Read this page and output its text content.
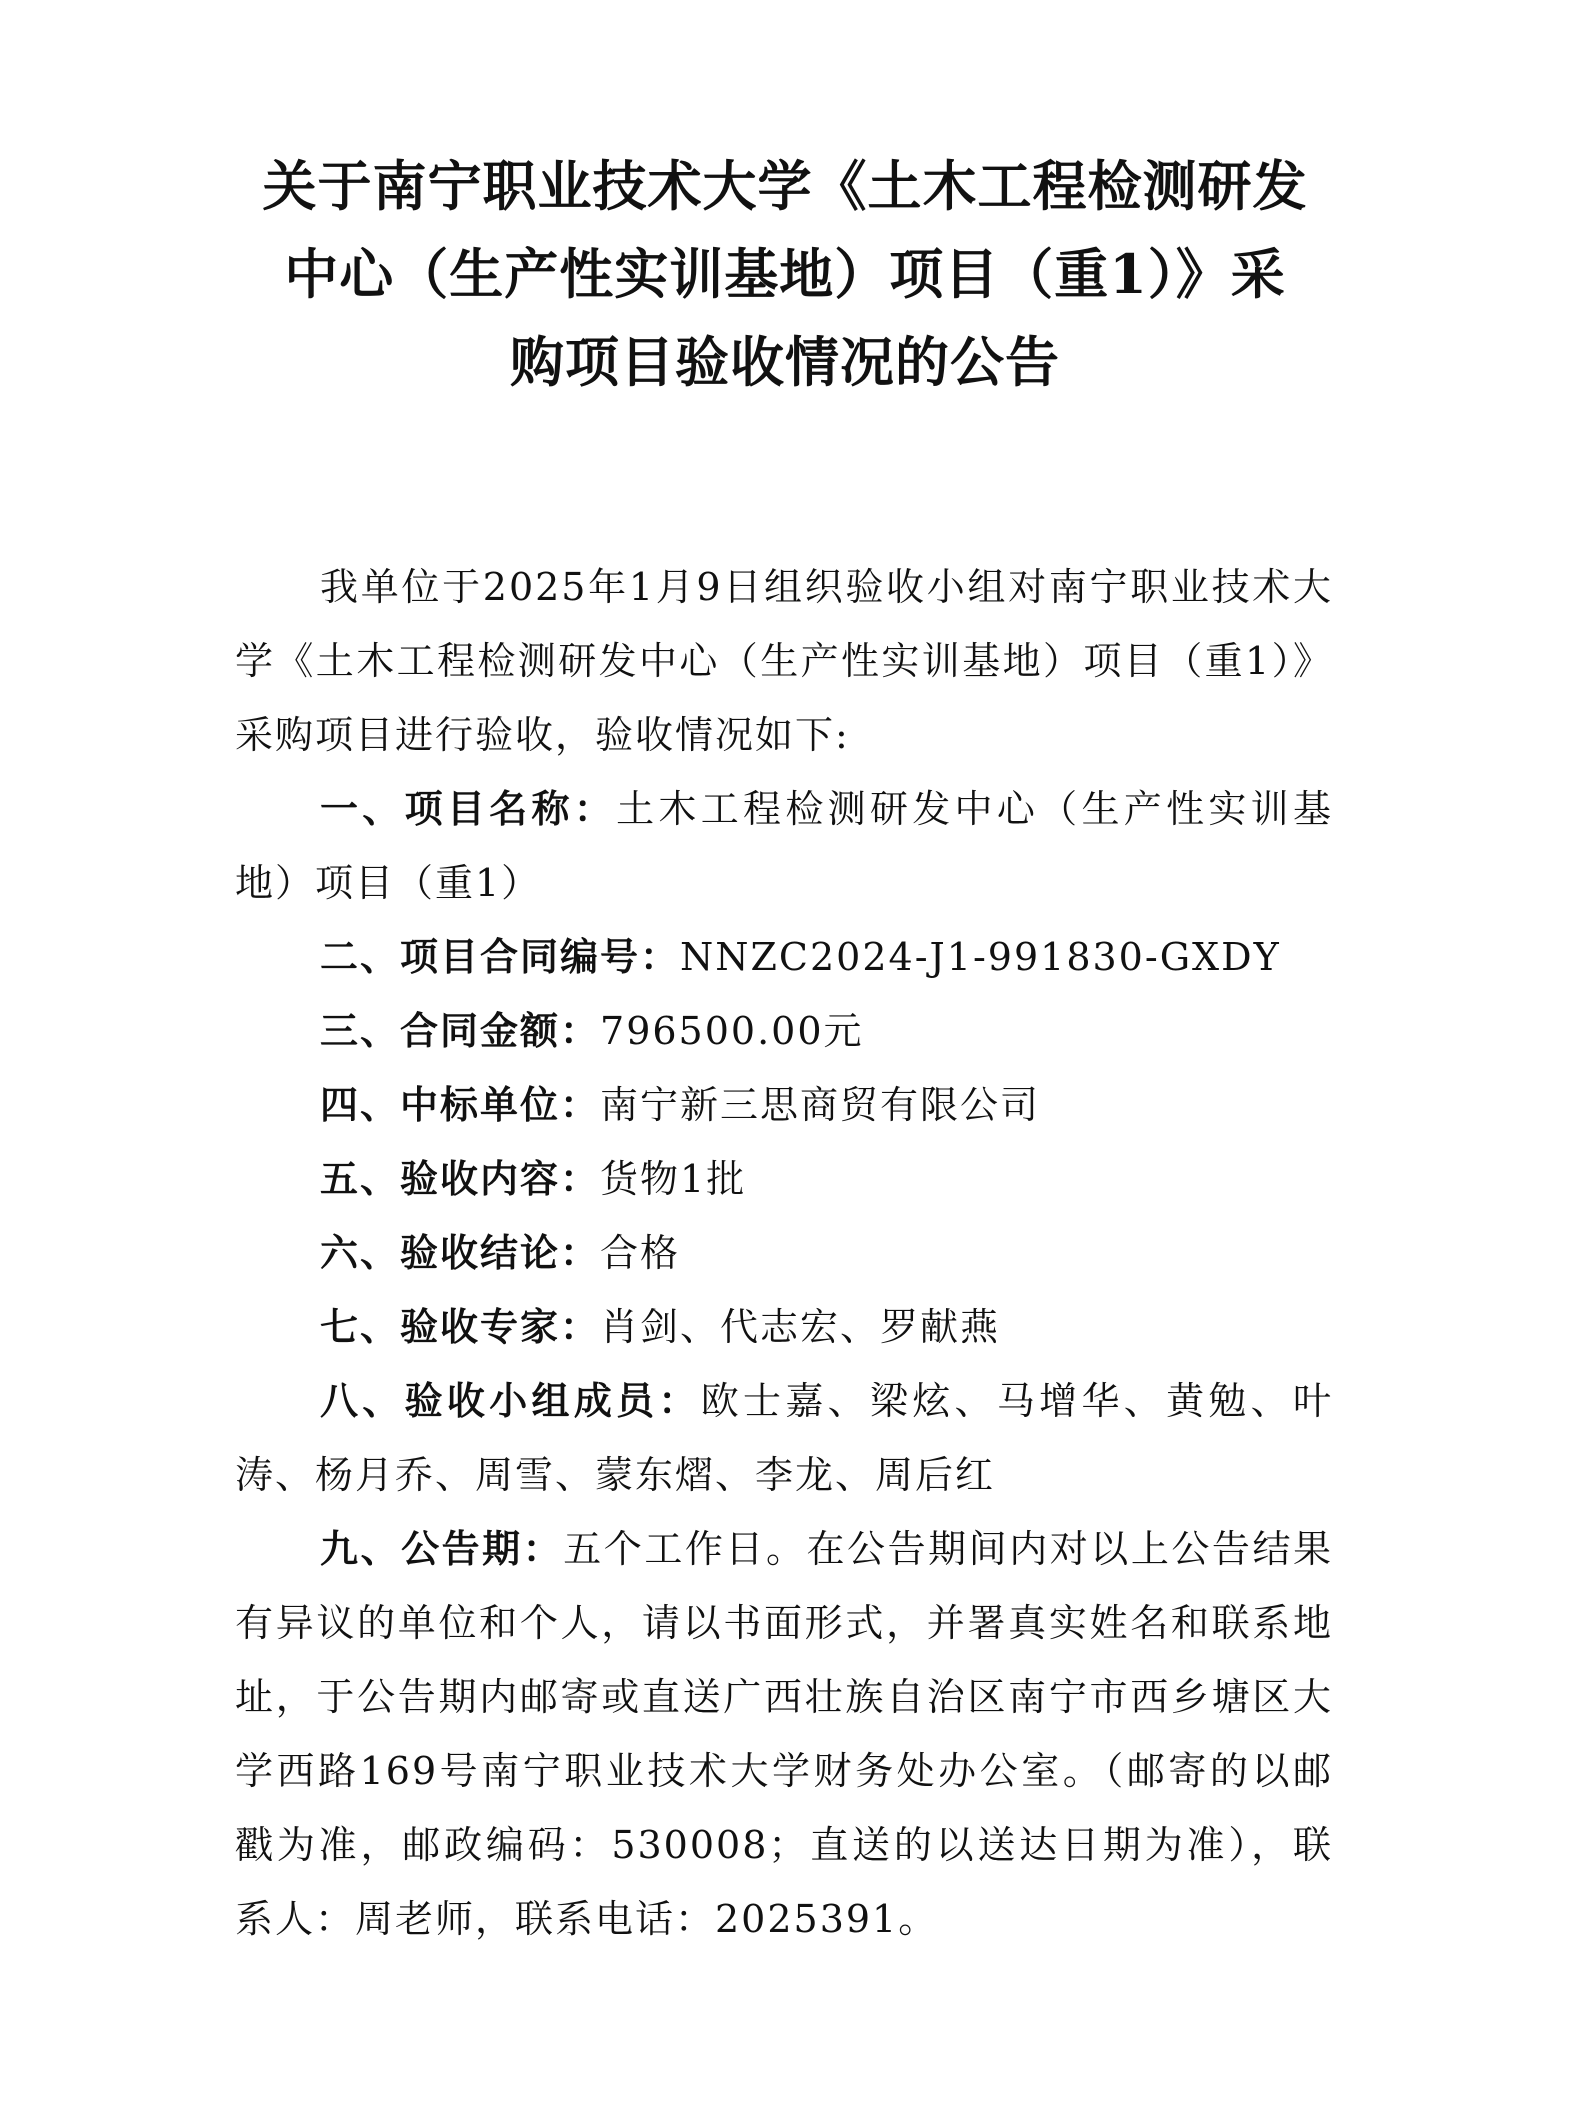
关于南宁职业技术大学《土木工程检测研发
中心（生产性实训基地）项目（重1）》采
购项目验收情况的公告

我单位于2025年1月9日组织验收小组对南宁职业技术大学《土木工程检测研发中心（生产性实训基地）项目（重1）》采购项目进行验收，验收情况如下:

一、项目名称：土木工程检测研发中心（生产性实训基地）项目（重1）

二、项目合同编号：NNZC2024-J1-991830-GXDY

三、合同金额：796500.00元

四、中标单位：南宁新三思商贸有限公司

五、验收内容：货物1批

六、验收结论：合格

七、验收专家：肖剑、代志宏、罗献燕

八、验收小组成员：欧士嘉、梁炫、马增华、黄勉、叶涛、杨月乔、周雪、蒙东熠、李龙、周后红

九、公告期：五个工作日。在公告期间内对以上公告结果有异议的单位和个人，请以书面形式，并署真实姓名和联系地址，于公告期内邮寄或直送广西壮族自治区南宁市西乡塘区大学西路169号南宁职业技术大学财务处办公室。（邮寄的以邮戳为准，邮政编码：530008；直送的以送达日期为准），联系人：周老师，联系电话：2025391。
